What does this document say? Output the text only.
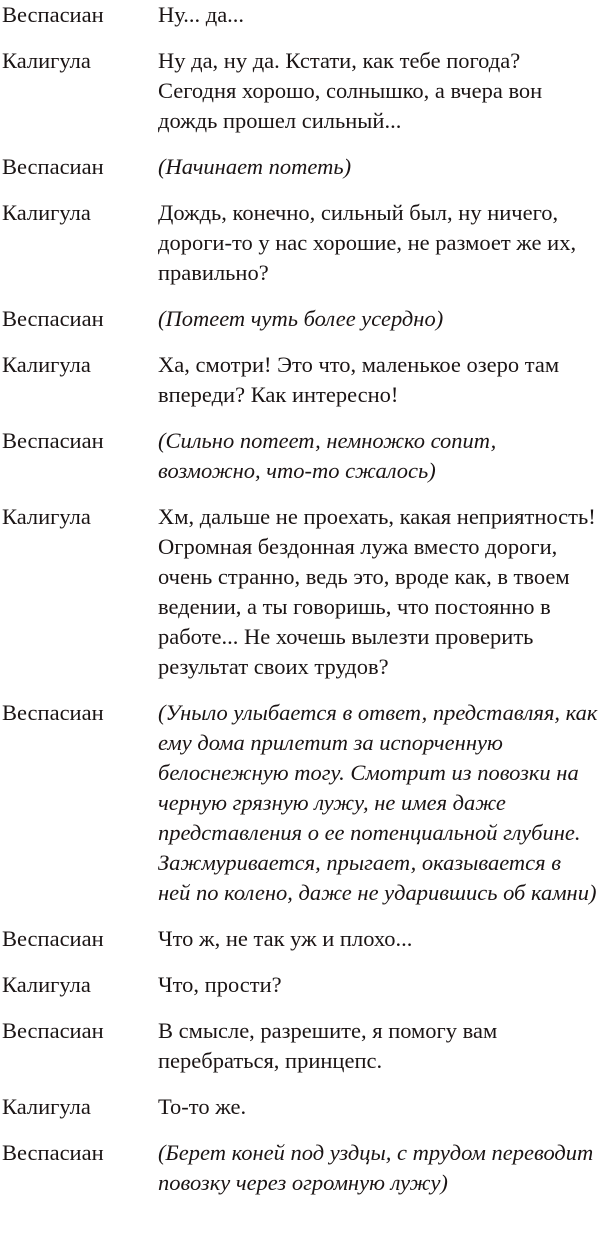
Веспасиан	Ну... да...
Калигула	Ну да, ну да. Кстати, как тебе погода? Сегодня хорошо, солнышко, а вчера вон дождь прошел сильный...
Веспасиан	(Начинает потеть)
Калигула	Дождь, конечно, сильный был, ну ничего, дороги-то у нас хорошие, не размоет же их, правильно?
Веспасиан	(Потеет чуть более усердно)
Калигула	Ха, смотри! Это что, маленькое озеро там впереди? Как интересно!
Веспасиан	(Сильно потеет, немножко сопит, возможно, что-то сжалось)
Калигула	Хм, дальше не проехать, какая неприятность! Огромная бездонная лужа вместо дороги, очень странно, ведь это, вроде как, в твоем ведении, а ты говоришь, что постоянно в работе... Не хочешь вылезти проверить результат своих трудов?
Веспасиан	(Уныло улыбается в ответ, представляя, как ему дома прилетит за испорченную белоснежную тогу. Смотрит из повозки на черную грязную лужу, не имея даже представления о ее потенциальной глубине. Зажмуривается, прыгает, оказывается в ней по колено, даже не ударившись об камни)
Веспасиан	Что ж, не так уж и плохо...
Калигула	Что, прости?
Веспасиан	В смысле, разрешите, я помогу вам перебраться, принцепс.
Калигула	То-то же.
Веспасиан	(Берет коней под уздцы, с трудом переводит повозку через огромную лужу)
